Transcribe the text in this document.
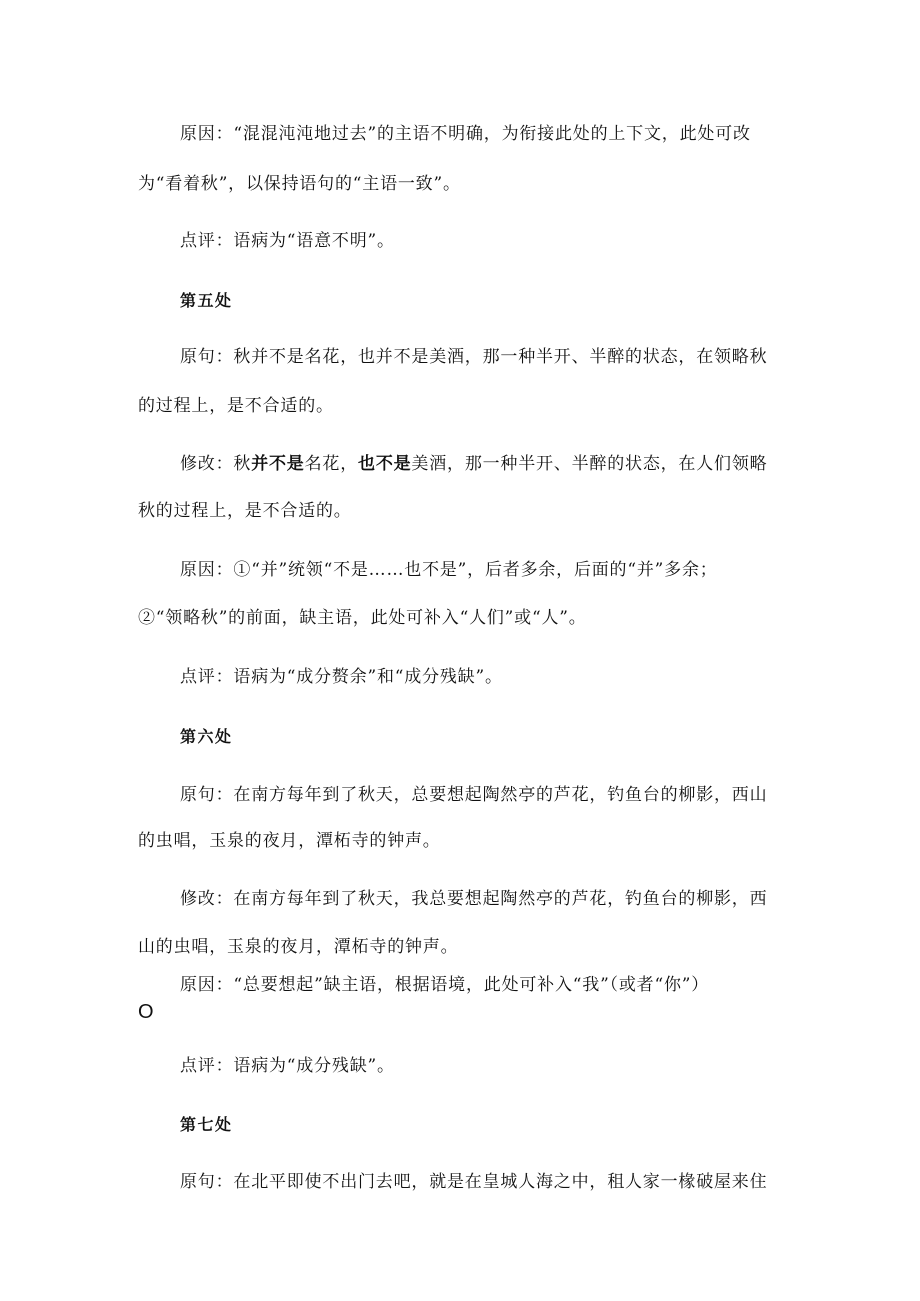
原因：“混混沌沌地过去”的主语不明确，为衔接此处的上下文，此处可改
为“看着秋”，以保持语句的“主语一致”。
点评：语病为“语意不明”。
第五处
原句：秋并不是名花，也并不是美酒，那一种半开、半醉的状态，在领略秋
的过程上，是不合适的。
修改：秋并不是名花，也不是美酒，那一种半开、半醉的状态，在人们领略
秋的过程上，是不合适的。
原因：①“并”统领“不是……也不是”，后者多余，后面的“并”多余；
②“领略秋”的前面，缺主语，此处可补入“人们”或“人”。
点评：语病为“成分赘余”和“成分残缺”。
第六处
原句：在南方每年到了秋天，总要想起陶然亭的芦花，钓鱼台的柳影，西山
的虫唱，玉泉的夜月，潭柘寺的钟声。
修改：在南方每年到了秋天，我总要想起陶然亭的芦花，钓鱼台的柳影，西
山的虫唱，玉泉的夜月，潭柘寺的钟声。
原因：“总要想起”缺主语，根据语境，此处可补入“我”（或者“你”）
O
点评：语病为“成分残缺”。
第七处
原句：在北平即使不出门去吧，就是在皇城人海之中，租人家一椽破屋来住
